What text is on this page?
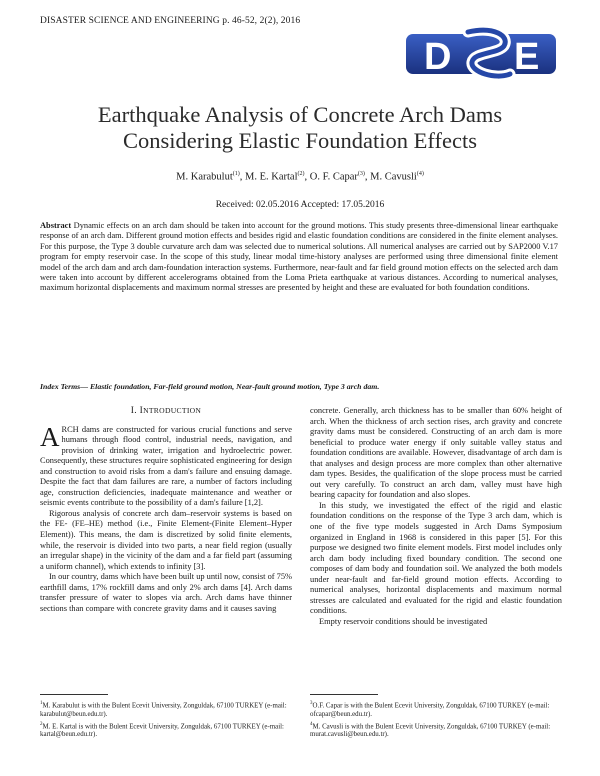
DISASTER SCIENCE AND ENGINEERING p. 46-52, 2(2), 2016
D E
Earthquake Analysis of Concrete Arch Dams
Considering Elastic Foundation Effects
M. Karabulut$^{(1)}$, M. E. Kartal$^{(2)}$, O. F. Capar$^{(3)}$, M. Cavusli$^{(4)}$
Received: 02.05.2016 Accepted: 17.05.2016
Abstract Dynamic effects on an arch dam should be taken into account for the ground motions. This study presents three-dimensional linear earthquake response of an arch dam. Different ground motion effects and besides rigid and elastic foundation conditions are considered in the finite element analyses. For this purpose, the Type 3 double curvature arch dam was selected due to numerical solutions. All numerical analyses are carried out by SAP2000 V.17 program for empty reservoir case. In the scope of this study, linear modal time-history analyses are performed using three dimensional finite element model of the arch dam and arch dam-foundation interaction systems. Furthermore, near-fault and far field ground motion effects on the selected arch dam were taken into account by different accelerograms obtained from the Loma Prieta earthquake at various distances. According to numerical analyses, maximum horizontal displacements and maximum normal stresses are presented by height and these are evaluated for both foundation conditions.
Index Terms— Elastic foundation, Far-field ground motion, Near-fault ground motion, Type 3 arch dam.
I. INTRODUCTION

ARCH dams are constructed for various crucial functions and serve humans through flood control, industrial needs, navigation, and provision of drinking water, irrigation and hydroelectric power. Consequently, these structures require sophisticated engineering for design and construction to avoid risks from a dam's failure and ensuing damage. Despite the fact that dam failures are rare, a number of factors including age, construction deficiencies, inadequate maintenance and weather or seismic events contribute to the possibility of a dam's failure [1,2].

Rigorous analysis of concrete arch dam–reservoir systems is based on the FE- (FE–HE) method (i.e., Finite Element-(Finite Element–Hyper Element)). This means, the dam is discretized by solid finite elements, while, the reservoir is divided into two parts, a near field region (usually an irregular shape) in the vicinity of the dam and a far field part (assuming a uniform channel), which extends to infinity [3].

In our country, dams which have been built up until now, consist of 75% earthfill dams, 17% rockfill dams and only 2% arch dams [4]. Arch dams transfer pressure of water to slopes via arch. Arch dams have thinner sections than compare with concrete gravity dams and it causes saving

concrete. Generally, arch thickness has to be smaller than 60% height of arch. When the thickness of arch section rises, arch gravity and concrete gravity dams must be considered. Constructing of an arch dam is more beneficial to produce water energy if only suitable valley status and foundation conditions are available. However, disadvantage of arch dam is that analyses and design process are more complex than other alternative dam types. Besides, the qualification of the slope process must be carried out very carefully. To construct an arch dam, valley must have high bearing capacity for foundation and also slopes.

In this study, we investigated the effect of the rigid and elastic foundation conditions on the response of the Type 3 arch dam, which is one of the five type models suggested in Arch Dams Symposium organized in England in 1968 is considered in this paper [5]. For this purpose we designed two finite element models. First model includes only arch dam body including fixed boundary condition. The second one composes of dam body and foundation soil. We analyzed the both models under near-fault and far-field ground motion effects. According to numerical analyses, horizontal displacements and maximum normal stresses are calculated and evaluated for the rigid and elastic foundation conditions.

Empty reservoir conditions should be investigated

$^1$M. Karabulut is with the Bulent Ecevit University, Zonguldak, 67100 TURKEY (e-mail: karabulut@beun.edu.tr).

$^2$M. E. Kartal is with the Bulent Ecevit University, Zonguldak, 67100 TURKEY (e-mail: kartal@beun.edu.tr).

$^3$O.F. Capar is with the Bulent Ecevit University, Zonguldak, 67100 TURKEY (e-mail: ofcapar@beun.edu.tr).

$^4$M. Cavusli is with the Bulent Ecevit University, Zonguldak, 67100 TURKEY (e-mail: murat.cavusli@beun.edu.tr).
